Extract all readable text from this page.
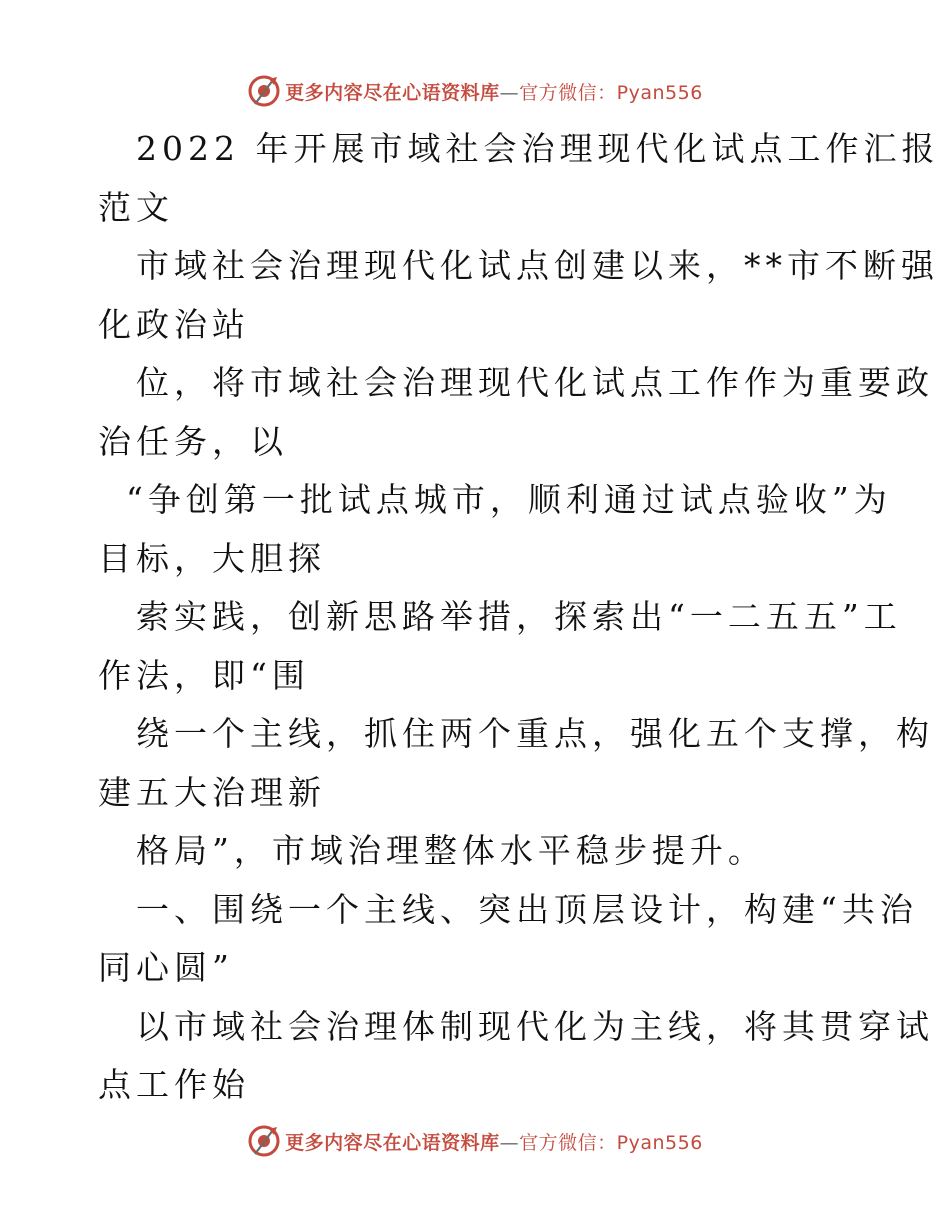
更多内容尽在心语资料库—官方微信：Pyan556
2022 年开展市域社会治理现代化试点工作汇报
范文
市域社会治理现代化试点创建以来，**市不断强
化政治站
位，将市域社会治理现代化试点工作作为重要政
治任务，以
“争创第一批试点城市，顺利通过试点验收”为
目标，大胆探
索实践，创新思路举措，探索出“一二五五”工
作法，即“围
绕一个主线，抓住两个重点，强化五个支撑，构
建五大治理新
格局”，市域治理整体水平稳步提升。
一、围绕一个主线、突出顶层设计，构建“共治
同心圆”
以市域社会治理体制现代化为主线，将其贯穿试
点工作始
更多内容尽在心语资料库—官方微信：Pyan556
